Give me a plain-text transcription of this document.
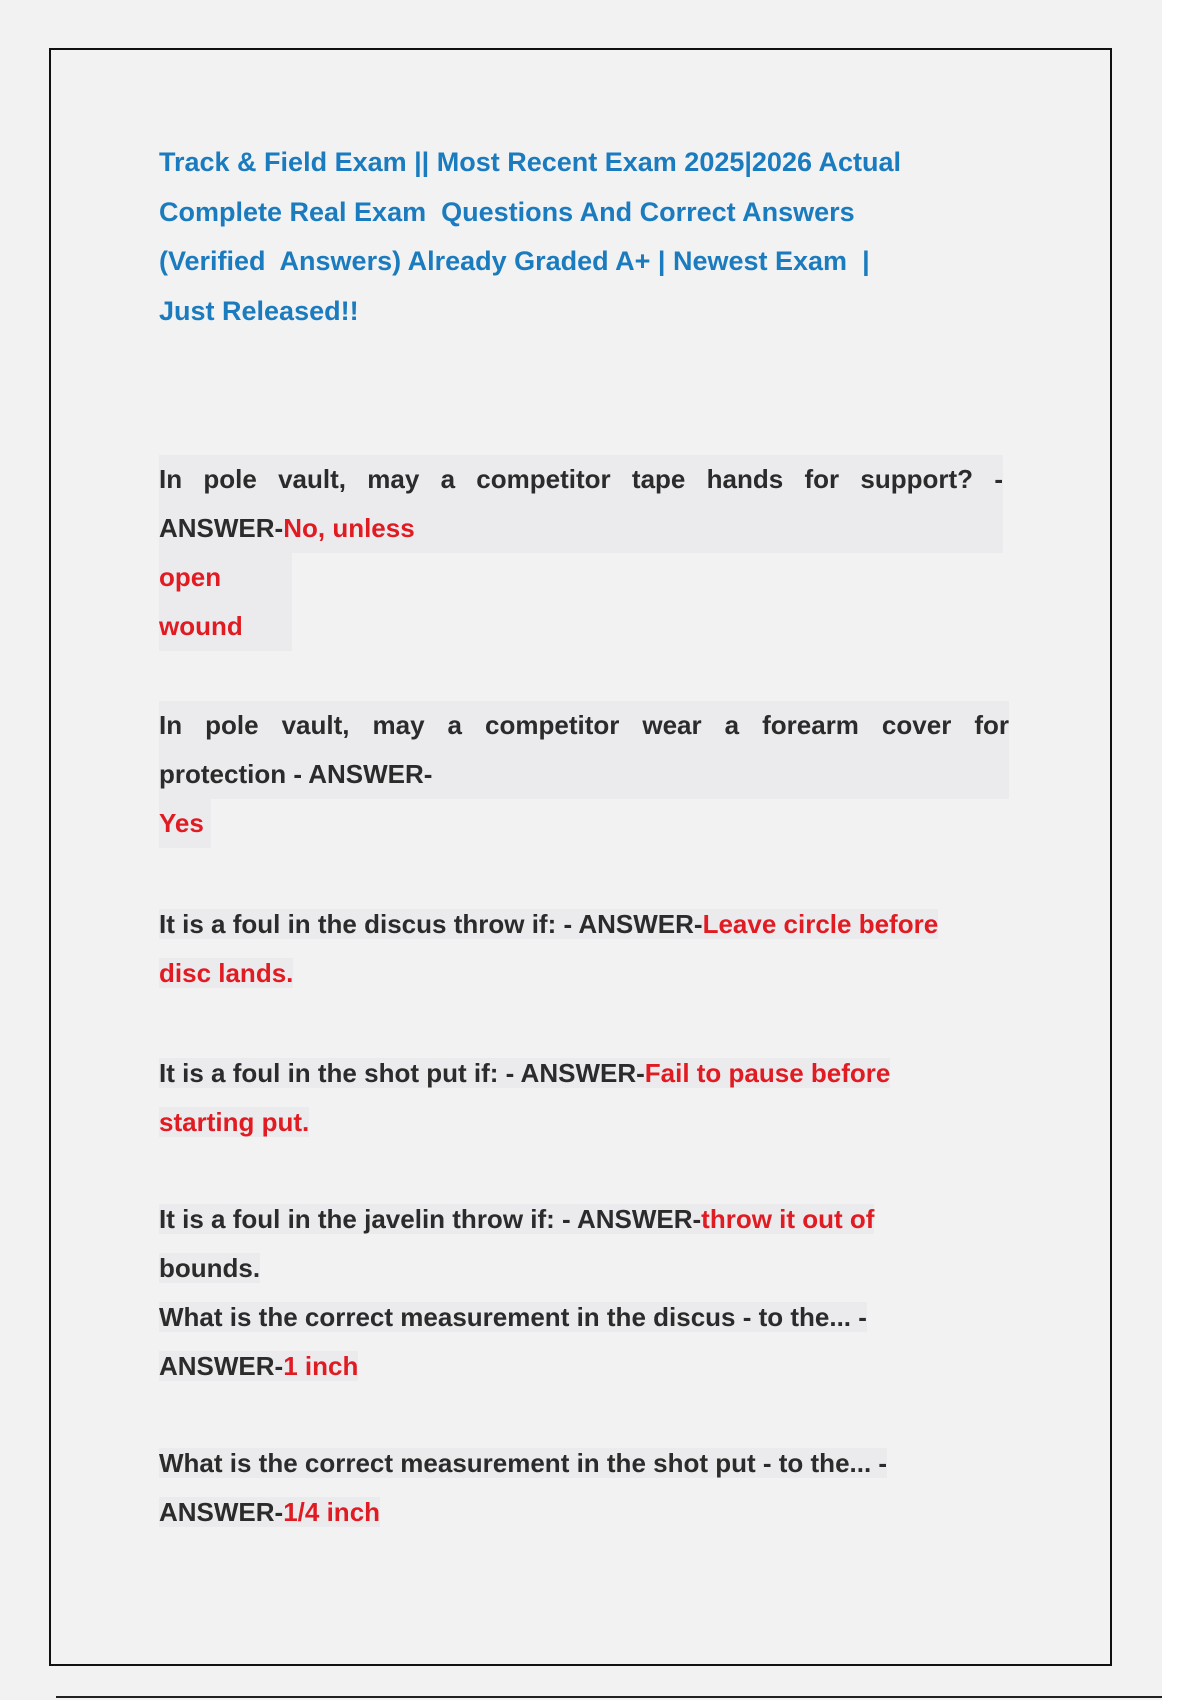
Track & Field Exam || Most Recent Exam 2025|2026 Actual
Complete Real Exam  Questions And Correct Answers
(Verified  Answers) Already Graded A+ | Newest Exam  |
Just Released!!
In pole vault, may a competitor tape hands for support? -
ANSWER-No, unless
open
wound
In pole vault, may a competitor wear a forearm cover for
protection - ANSWER-
Yes
It is a foul in the discus throw if: - ANSWER-Leave circle before
disc lands.
It is a foul in the shot put if: - ANSWER-Fail to pause before
starting put.
It is a foul in the javelin throw if: - ANSWER-throw it out of
bounds.
What is the correct measurement in the discus - to the... -
ANSWER-1 inch
What is the correct measurement in the shot put - to the... -
ANSWER-1/4 inch
